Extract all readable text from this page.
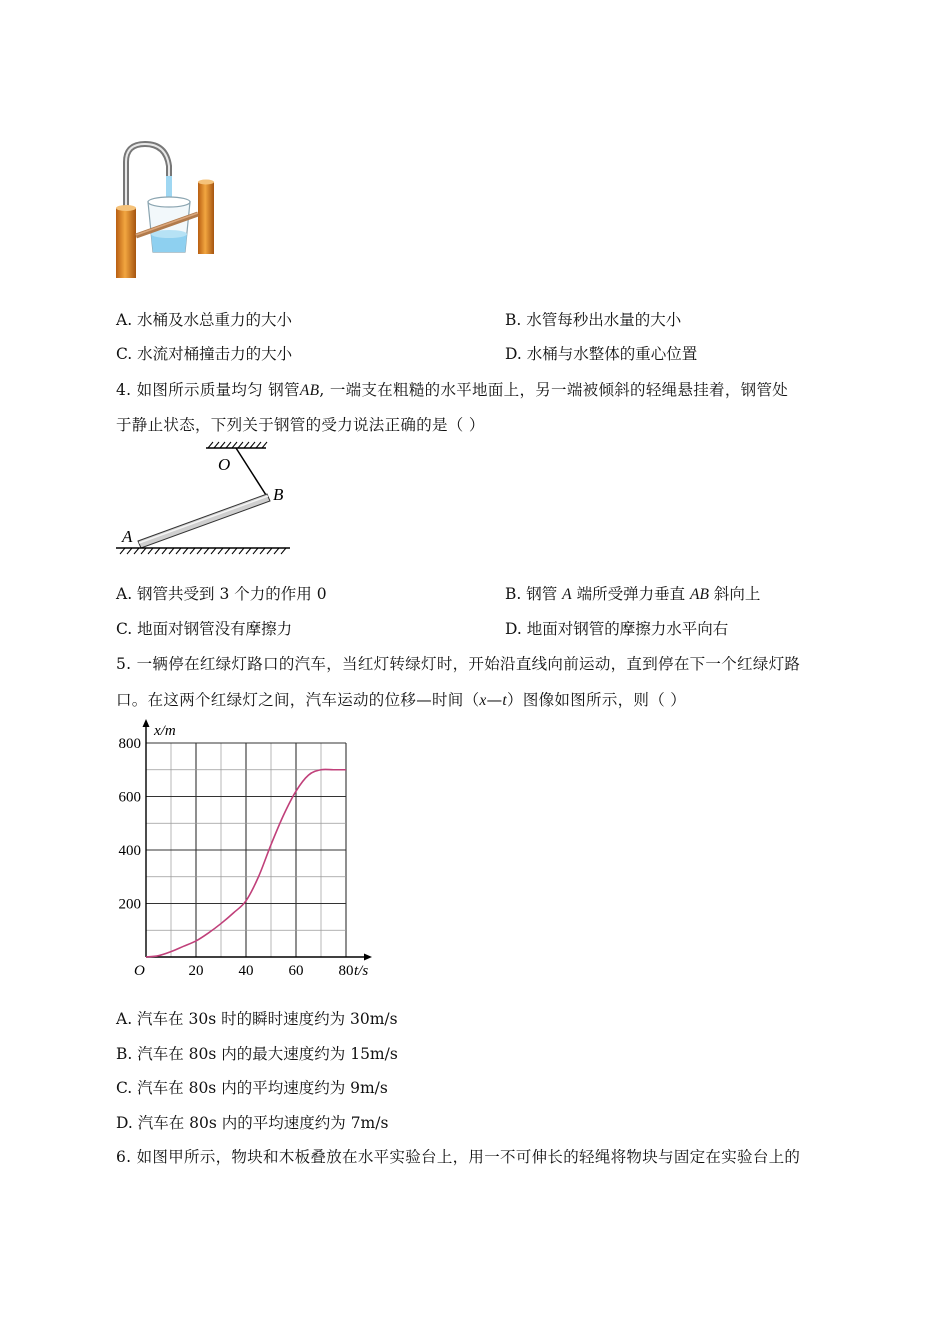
A. 水桶及水总重力的大小	B. 水管每秒出水量的大小
C. 水流对桶撞击力的大小	D. 水桶与水整体的重心位置
4. 如图所示质量均匀 钢管AB, 一端支在粗糙的水平地面上，另一端被倾斜的轻绳悬挂着，钢管处
于静止状态，下列关于钢管的受力说法正确的是（ ）
O
B
A
A. 钢管共受到 3 个力的作用 0	B. 钢管 A 端所受弹力垂直 AB 斜向上
C. 地面对钢管没有摩擦力	D. 地面对钢管的摩擦力水平向右
5. 一辆停在红绿灯路口的汽车，当红灯转绿灯时，开始沿直线向前运动，直到停在下一个红绿灯路
口。在这两个红绿灯之间，汽车运动的位移—时间（x—t）图像如图所示，则（ ）
20 40 60 80
200
400
600
800
O	t/s
x/m
A. 汽车在 30s 时的瞬时速度约为 30m/s
B. 汽车在 80s 内的最大速度约为 15m/s
C. 汽车在 80s 内的平均速度约为 9m/s
D. 汽车在 80s 内的平均速度约为 7m/s
6. 如图甲所示，物块和木板叠放在水平实验台上，用一不可伸长的轻绳将物块与固定在实验台上的
